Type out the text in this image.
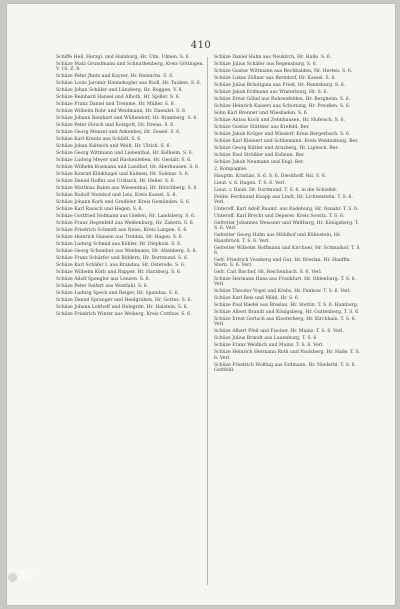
410
Schiffe Heil. Herzgl. und Hamburg, Hr. Ulm. Ulmen. S. 6.
Schüze Matz Grundmann und Schnuthenberg, Kreis Göttingen. V. 10. Z. 8.
Schüze Peter Jhntz und Kayser, Hr. Rennichs. S. 6.
Schüze Louis Jaromir Hannekogler aus Rudl, Hr. Tauben. S. 6.
Schüze Johan Schiller und Lünsberg, Hr. Roggen. V. 8.
Schüze Reinhard Hansel und Alboth, Hr. Spiller. S. 6.
Schüze Franz Daniel und Tremme, Hr. Müller. S. 6.
Schüze Wilhelm Rohr und Weidmann, Hr. Daendel. S. 6.
Schüze Johann Reinhart und Wüllendorf, Hr. Bramberg. S. 6.
Schüze Peter Hirsch und Kotzgott, Hr. Dreiss. S. 6.
Schüze Georg Menzel und Ankenbey, Hr. Zessel. S. 6.
Schüze Karl Kreutz aus Schildt. S. 6.
Schüze Johan Kalteich und Weiß, Hr. Ulrich. S. 6.
Schüze Georg Wittmann und Liebenthal, Hr. Kelheim. S. 6.
Schüze Ludwig Meyer und Hackenleben, Hr. Gestalt. S. 6.
Schüze Wilhelm Kosmann und Landhof, Hr. Aberhausen. S. 6.
Schüze Konrad Klinkhagel und Kalmen, Hr. Solebar. S. 6.
Schüze Daniel Hoffer aus Ursbach, Hr. Heller. S. 6.
Schüze Matthias Rahm aus Wiesenthal, Hr. Hirschberg. S. 6.
Schüze Rudolf Steinhof und Leiz, Kreis Kassel. S. 6.
Schüze Johann Korb und Greifeler, Kreis Gemünden. S. 6.
Schüze Karl Rausch und Hegen. S. 6.
Schüze Gottfried Hofmann aus Gießen, Hr. Landsberg. S. 6.
Schüze Franz Hegenfeld aus Weißenburg, Hr. Zabern. S. 6.
Schüze Friedrich Schmidt aus Neiss, Kreis Langen. S. 6.
Schüze Heinrich Hansen aus Trebbin, Hr. Hagen. S. 6.
Schüze Ludwig Schmid aus Köhler, Hr. Diepholz. S. 6.
Schüze Georg Schomber aus Weidmann, Hr. Altenberg. S. 6.
Schüze Franz Schärfer und Biddern, Hr. Dortmund. S. 6.
Schüze Karl Schäfer I. aus Brandau, Hr. Osterode. S. 6.
Schüze Wilhelm Körb und Rupper, Hr. Harzberg. S. 6.
Schüze Adolf Spengler aus Lenzen. S. 6.
Schüze Peter Seifert aus Westfahl. S. 6.
Schüze Ludwig Speck und Reiger, Hr. Spandau. S. 6.
Schüze Daniel Spranger und Heidgraben, Hr. Gottes. S. 6.
Schüze Johann Leithoff und Helegrdn, Hr. Halstein. S. 6.
Schüze Friedrich Winter aus Weiberg, Kreis Cottbus. S. 6.
Schüze Daniel Hahn aus Neukirch, Hr. Halle. S. 6.
Schüze Julius Schäfer aus Regensburg. S. 6.
Schüze Gustav Wittmann aus Bechhalden, Hr. Herten. S. 6.
Schüze Lukas Zöllner aus Berndorf, Hr. Kassel. S. 6.
Schüze Julius Bräutigam aus Frieß, Hr. Rendsburg. S. 6.
Schüze Jakob Erdmann aus Winterburg, Hr. S. 6.
Schüze Ernst Göbel aus Ruhrenfelden, Hr. Bergheim. S. 6.
Schüze Heinrich Kaisers aus Schornzig, Hr. Preußen. S. 6.
Sohn Karl Brenner und Wiesbaden. S. 6.
Schüze Anton Koch und Zehnhausen, Hr. Hufeisch. S. 6.
Schüze Gustav Stättner aus Krefeld. Ber.
Schüze Jakob Kröger und Windorf, Kreis Bergerbach. S. 6.
Schüze Karl Kleinert und Schliemann. Kreis Weidenburg. Ber.
Schüze Georg Kittler und Arnsberg, Hr. Lipbeck. Ber.
Schüze Paul Strößler und Kellenn. Ber.
Schüze Jakob Neumann und Engl. Ber.
2. Kompagnie.
Hauptm. Kristian. S. 6. S. 6. Dieckhoff. Rsl. S. 6.
Lieut. v. d. Hagen. T. S. 6. Verl.
Lieut. v. Raub. Hr. Dortmund. T. S. 6. in die Schießst.
Feldw. Ferdinand Knapp aus Lindt, Hr. Lichtenstein. T. S. 6. Verl.
Unteroff. Karl Adolf Baumt. aus Radeburg, Hr. Osnabr. T. S. 6.
Unteroff. Karl Brecht und Deperer. Kreis Sowitz. T. S. 6.
Gefreiter Johannes Weissner und Waltburg, Hr. Königsberg. T. S. 6. Verl.
Gefreiter Georg Hahn aus Mühlhof und Kühnstein, Hr. Haxsbrück. T. S. 6. Verl.
Gefreiter Wilhelm Hoffmann und Kirchner, Hr. Schmalhof. T. S. 6.
Gefr. Friedrich Vossberg und Gut, Hr. Breslau. Hr. Hanffm. Stern. S. 6. Verl.
Gefr. Carl Bischof, Hr. Reichenbach. S. 6. Verl.
Schüze Hermann Hans aus Frankfurt, Hr. Oldenburg. T. S. 6. Verl.
Schüze Theodor Vogel und Krebs, Hr. Pankow. T. S. 6. Verl.
Schüze Karl Reis und Mühl, Hr. S. 6.
Schüze Paul Riedel aus Breslau, Hr. Stettin. T. S. 6. Hamburg.
Schüze Albert Brandt und Königsberg, Hr. Guttenberg. T. S. 6.
Schüze Ernst Gerlach aus Klosterberg, Hr. Kirchhain. T. S. 6. Verl.
Schüze Albert Pfeil und Fischer, Hr. Mainz. T. S. 6. Verl.
Schüze Julius Brandt aus Lauenburg, T. S. 6.
Schüze Franz Weidlich und Mainz. T. S. 6. Verl.
Schüze Heinrich Hermann Roth und Paulsberg, Hr. Halle. T. S. 6. Verl.
Schüze Friedrich Wolfing aus Erdmann, Hr. Niederbl. T. S. 6. Gottfeld.
Digitized by
Google
